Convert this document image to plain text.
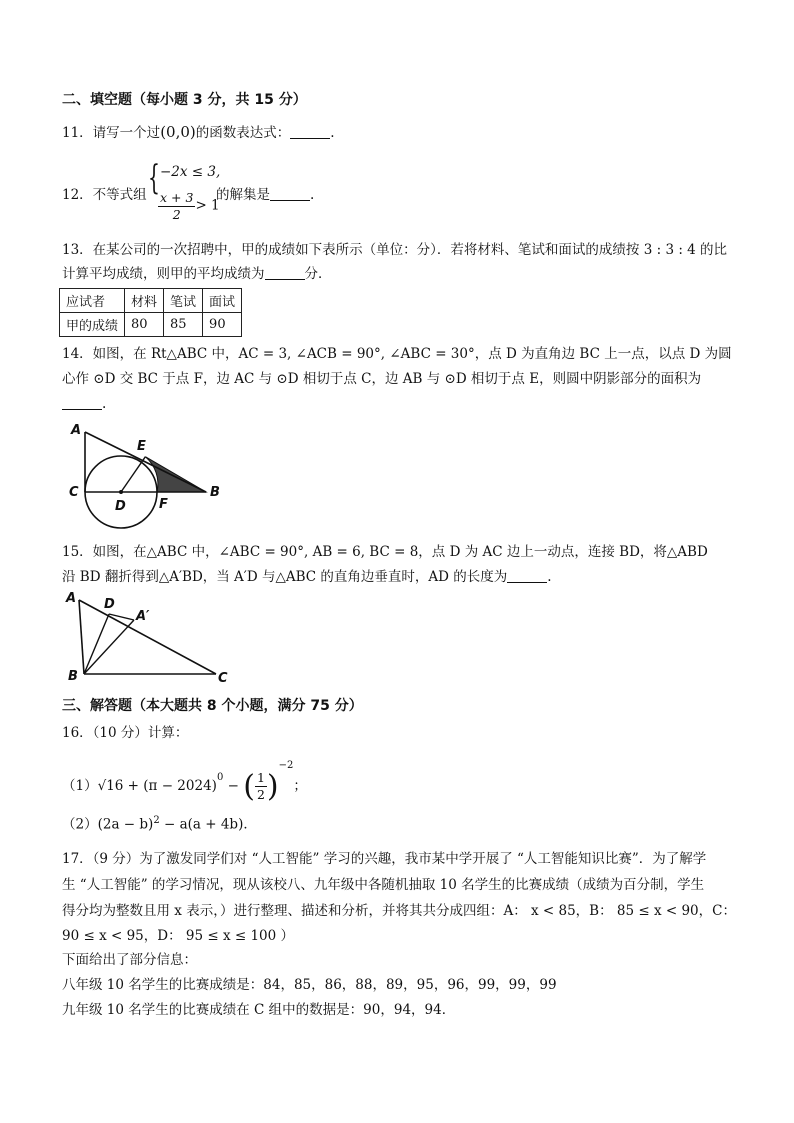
二、填空题（每小题 3 分，共 15 分）
11．请写一个过(0,0)的函数表达式：	.
12．不等式组 { −2x ≤ 3,
$\frac{x + 3}{2} > 1$
的解集是	.
13．在某公司的一次招聘中，甲的成绩如下表所示（单位：分）．若将材料、笔试和面试的成绩按 3 : 3 : 4 的比
计算平均成绩，则甲的平均成绩为	分．
应试者	材料	笔试	面试
甲的成绩	80	85	90
14．如图，在 Rt△ABC 中，AC = 3, ∠ACB = 90°, ∠ABC = 30°，点 D 为直角边 BC 上一点，以点 D 为圆
心作 ⊙D 交 BC 于点 F，边 AC 与 ⊙D 相切于点 C，边 AB 与 ⊙D 相切于点 E，则圆中阴影部分的面积为
.
A
E
C
D	F
B
15．如图，在△ABC 中，∠ABC = 90°, AB = 6, BC = 8，点 D 为 AC 边上一动点，连接 BD，将△ABD
沿 BD 翻折得到△A′BD，当 A′D 与△ABC 的直角边垂直时，AD 的长度为	.
A D
A′
B	C
三、解答题（本大题共 8 个小题，满分 75 分）
16．（10 分）计算：
$(1)√16 + (\pi - 2024)^0$ − ( $\frac{1}{2} )^{-2}$；
$(2)(2a - b)^2 - a(a + 4b)$．
17．（9 分）为了激发同学们对 “人工智能” 学习的兴趣，我市某中学开展了 “人工智能知识比赛”．为了解学
生 “人工智能” 的学习情况，现从该校八、九年级中各随机抽取 10 名学生的比赛成绩（成绩为百分制，学生
得分均为整数且用 x 表示，）进行整理、描述和分析，并将其共分成四组：A： x < 85，B： 85 ≤ x < 90，C：
90 ≤ x < 95，D： 95 ≤ x ≤ 100 ）
下面给出了部分信息：
八年级 10 名学生的比赛成绩是：84，85，86，88，89，95，96，99，99，99
九年级 10 名学生的比赛成绩在 C 组中的数据是：90，94，94．
